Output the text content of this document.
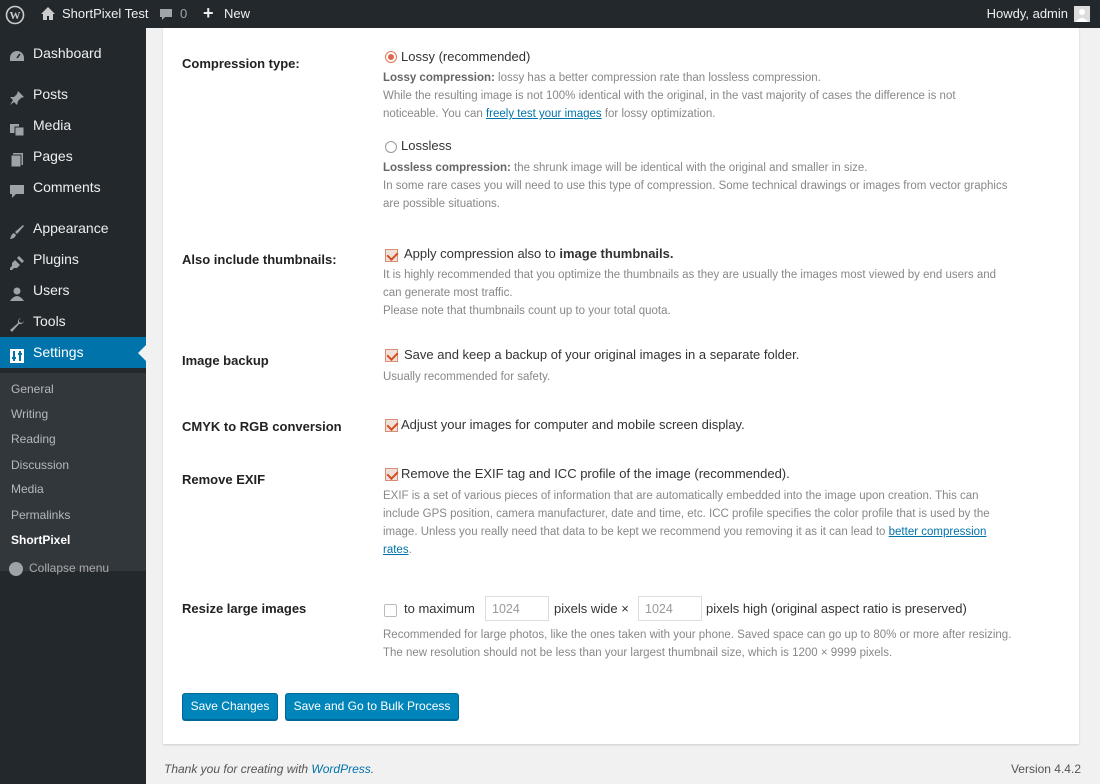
W	ShortPixel Test	0 + New	Howdy, admin
Dashboard
Posts
Media
Pages
Comments
Appearance
Plugins
Users
Tools
Settings
General
Writing
Reading
Discussion
Media
Permalinks
ShortPixel
Collapse menu
Compression type:	Lossy (recommended)
Lossy compression: lossy has a better compression rate than lossless compression.
While the resulting image is not 100% identical with the original, in the vast majority of cases the difference is not
noticeable. You can freely test your images for lossy optimization.
Lossless
Lossless compression: the shrunk image will be identical with the original and smaller in size.
In some rare cases you will need to use this type of compression. Some technical drawings or images from vector graphics
are possible situations.
Also include thumbnails:	Apply compression also to image thumbnails.
It is highly recommended that you optimize the thumbnails as they are usually the images most viewed by end users and
can generate most traffic.
Please note that thumbnails count up to your total quota.
Image backup	Save and keep a backup of your original images in a separate folder.
Usually recommended for safety.
CMYK to RGB conversion	Adjust your images for computer and mobile screen display.
Remove EXIF	Remove the EXIF tag and ICC profile of the image (recommended).
EXIF is a set of various pieces of information that are automatically embedded into the image upon creation. This can
include GPS position, camera manufacturer, date and time, etc. ICC profile specifies the color profile that is used by the
image. Unless you really need that data to be kept we recommend you removing it as it can lead to better compression
rates.
Resize large images	to maximum
1024	pixels wide ×
1024	pixels high (original aspect ratio is preserved)
Recommended for large photos, like the ones taken with your phone. Saved space can go up to 80% or more after resizing.
The new resolution should not be less than your largest thumbnail size, which is 1200 × 9999 pixels.
Save Changes	Save and Go to Bulk Process
Thank you for creating with WordPress.	Version 4.4.2
